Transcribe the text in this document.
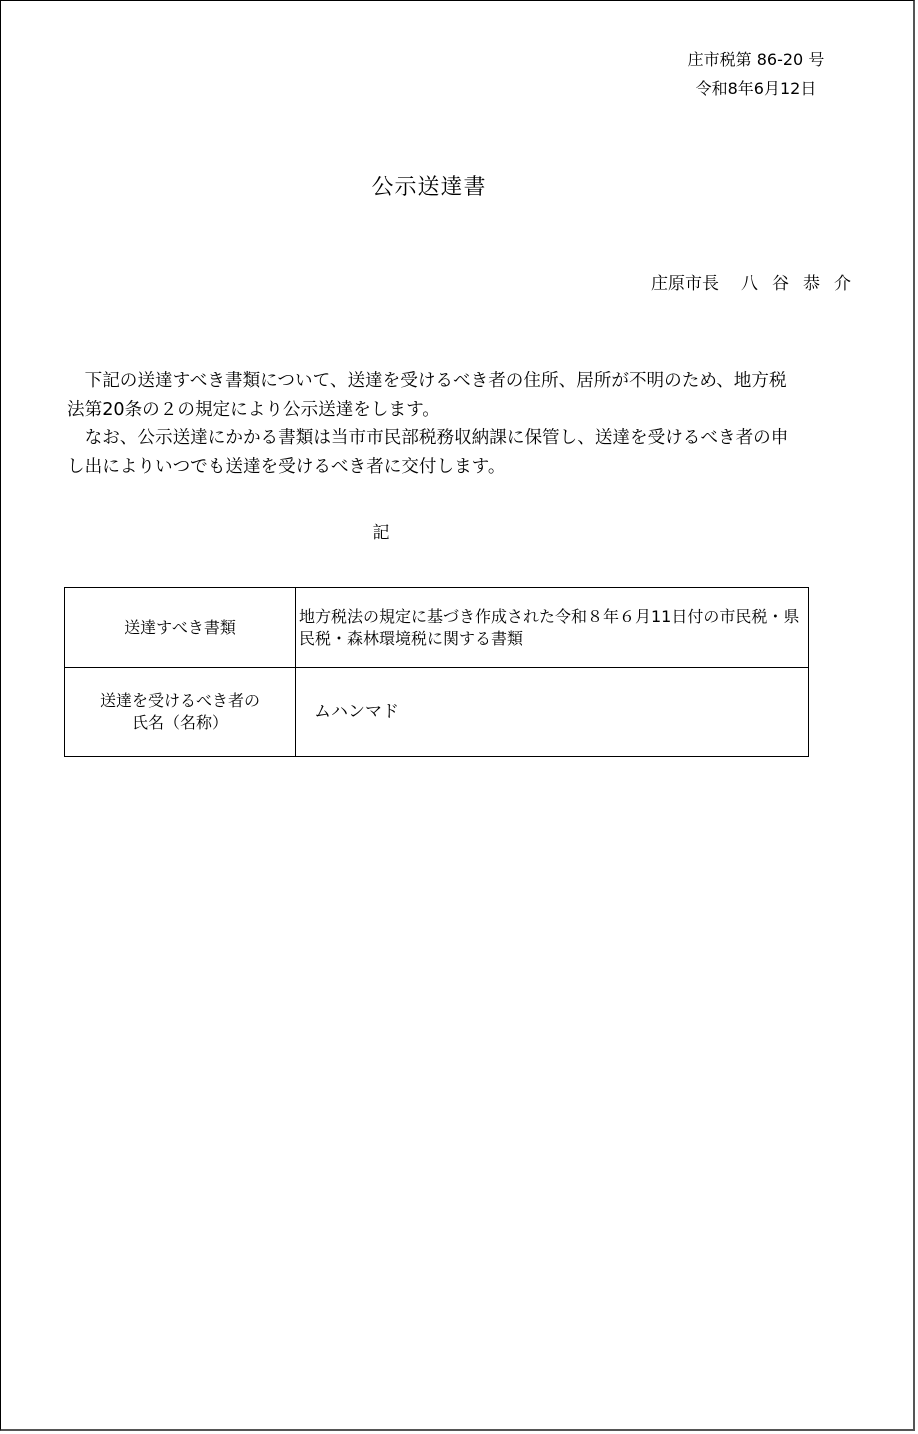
庄市税第 86-20 号
令和8年6月12日
公示送達書
庄原市長 八 谷 恭 介

下記の送達すべき書類について、送達を受けるべき者の住所、居所が不明のため、地方税法第20条の２の規定により公示送達をします。

なお、公示送達にかかる書類は当市市民部税務収納課に保管し、送達を受けるべき者の申し出によりいつでも送達を受けるべき者に交付します。

記
送達すべき書類	地方税法の規定に基づき作成された令和８年６月11日付の市民税・県民税・森林環境税に関する書類

送達を受けるべき者の
氏名（名称）	ムハンマド
